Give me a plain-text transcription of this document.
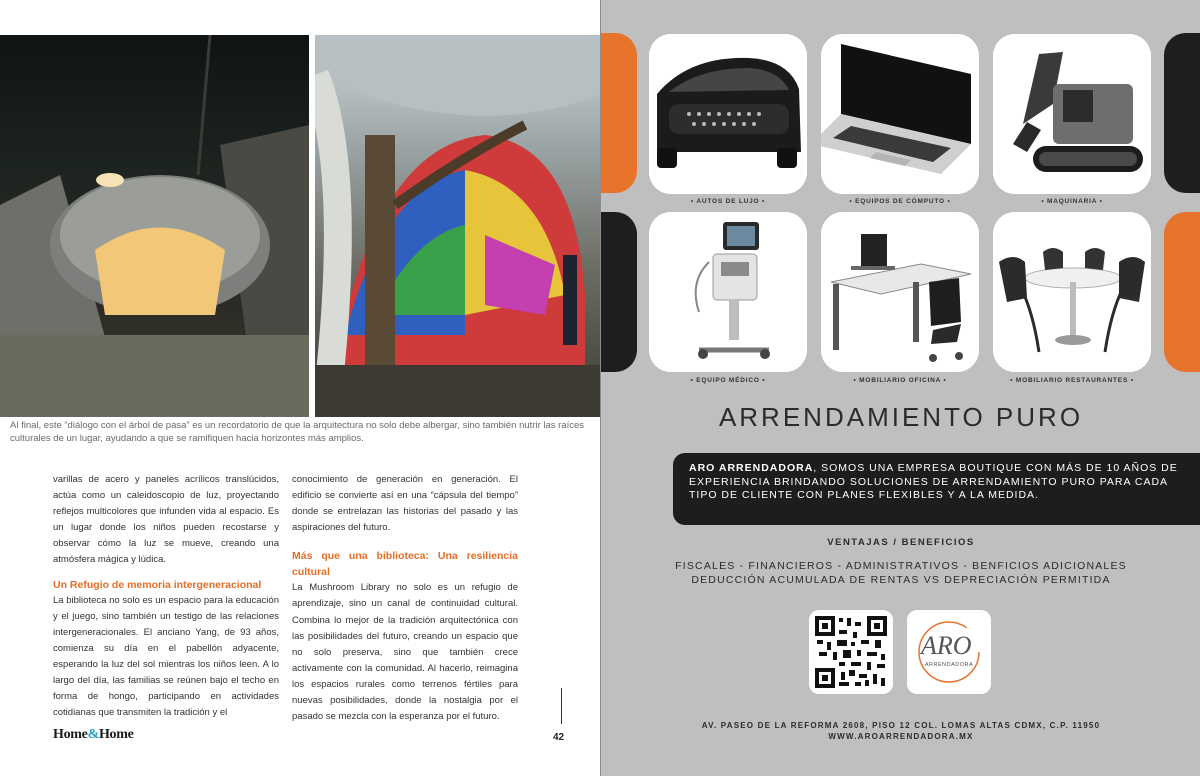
Al final, este “diálogo con el árbol de pasa” es un recordatorio de que la arquitectura no solo debe albergar, sino también nutrir las raíces culturales de un lugar, ayudando a que se ramifiquen hacia horizontes más amplios.

varillas de acero y paneles acrílicos translúcidos, actúa como un caleidoscopio de luz, proyectando reflejos multicolores que infunden vida al espacio. Es un lugar donde los niños pueden recostarse y observar cómo la luz se mueve, creando una atmósfera mágica y lúdica.

Un Refugio de memoria intergeneracional

La biblioteca no solo es un espacio para la educación y el juego, sino también un testigo de las relaciones intergeneracionales. El anciano Yang, de 93 años, comienza su día en el pabellón adyacente, esperando la luz del sol mientras los niños leen. A lo largo del día, las familias se reúnen bajo el techo en forma de hongo, participando en actividades cotidianas que transmiten la tradición y el

conocimiento de generación en generación. El edificio se convierte así en una “cápsula del tiempo” donde se entrelazan las historias del pasado y las aspiraciones del futuro.

Más que una biblioteca: Una resiliencia cultural

La Mushroom Library no solo es un refugio de aprendizaje, sino un canal de continuidad cultural. Combina lo mejor de la tradición arquitectónica con las posibilidades del futuro, creando un espacio que no solo preserva, sino que también crece activamente con la comunidad. Al hacerlo, reimagina los espacios rurales como terrenos fértiles para nuevas posibilidades, donde la nostalgia por el pasado se mezcla con la esperanza por el futuro.

Home&Home	42
• AUTOS DE LUJO •	• EQUIPOS DE CÓMPUTO •	• MAQUINARIA •
• EQUIPO MÉDICO •	• MOBILIARIO OFICINA •	• MOBILIARIO RESTAURANTES •
ARRENDAMIENTO PURO
ARO ARRENDADORA, SOMOS UNA EMPRESA BOUTIQUE CON MÁS DE 10 AÑOS DE EXPERIENCIA BRINDANDO SOLUCIONES DE ARRENDAMIENTO PURO PARA CADA TIPO DE CLIENTE CON PLANES FLEXIBLES Y A LA MEDIDA.
VENTAJAS / BENEFICIOS
FISCALES - FINANCIEROS - ADMINISTRATIVOS - BENFICIOS ADICIONALES
DEDUCCIÓN ACUMULADA DE RENTAS VS DEPRECIACIÓN PERMITIDA
ARO
ARRENDADORA
AV. PASEO DE LA REFORMA 2608, PISO 12 COL. LOMAS ALTAS CDMX, C.P. 11950
WWW.AROARRENDADORA.MX
